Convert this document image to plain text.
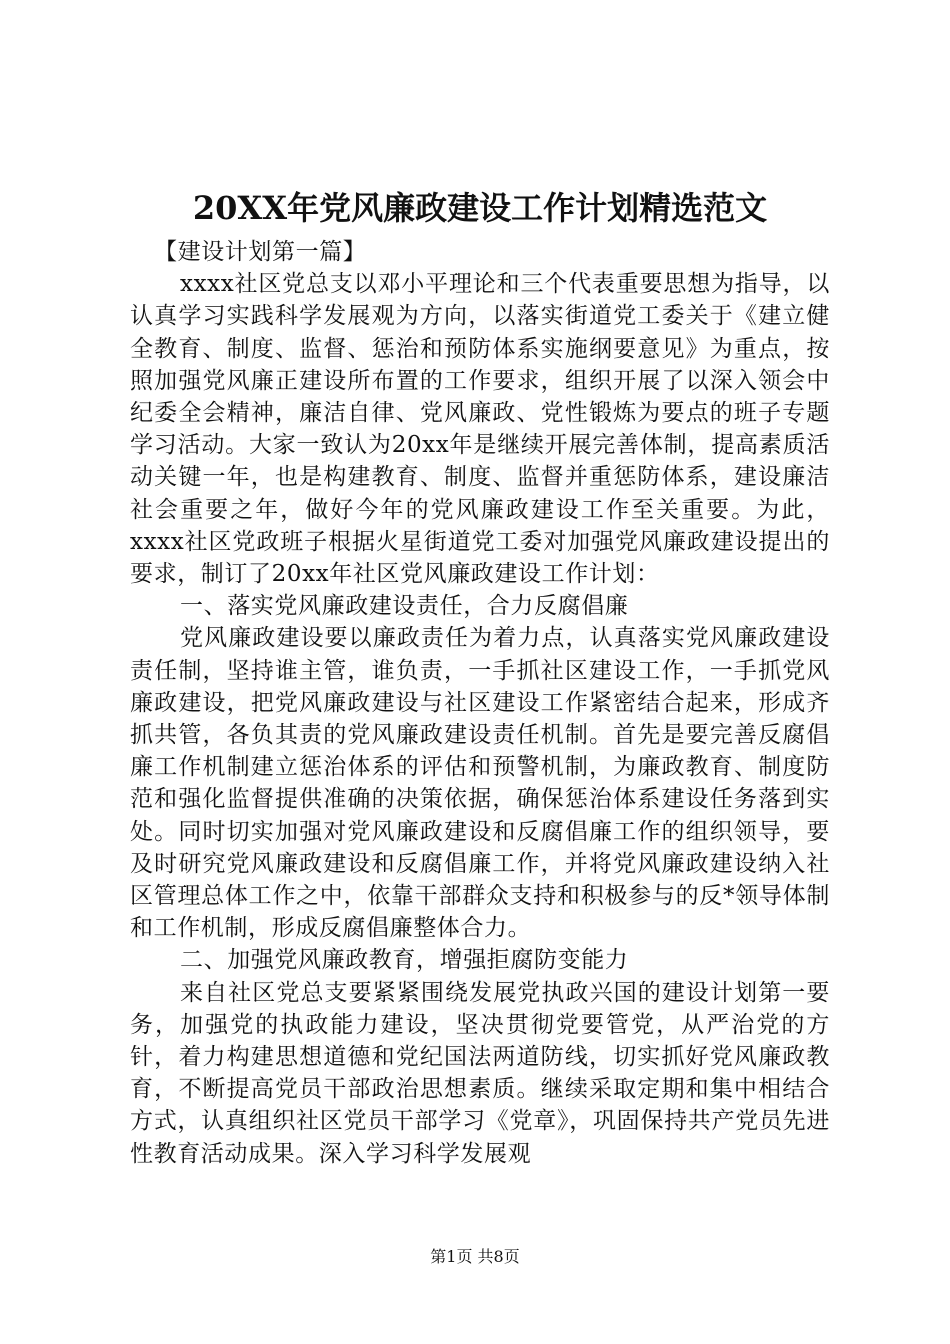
20XX年党风廉政建设工作计划精选范文

【建设计划第一篇】

xxxx社区党总支以邓小平理论和三个代表重要思想为指导，以认真学习实践科学发展观为方向，以落实街道党工委关于《建立健全教育、制度、监督、惩治和预防体系实施纲要意见》为重点，按照加强党风廉正建设所布置的工作要求，组织开展了以深入领会中纪委全会精神，廉洁自律、党风廉政、党性锻炼为要点的班子专题学习活动。大家一致认为20xx年是继续开展完善体制，提高素质活动关键一年，也是构建教育、制度、监督并重惩防体系，建设廉洁社会重要之年，做好今年的党风廉政建设工作至关重要。为此，xxxx社区党政班子根据火星街道党工委对加强党风廉政建设提出的要求，制订了20xx年社区党风廉政建设工作计划：

一、落实党风廉政建设责任，合力反腐倡廉

党风廉政建设要以廉政责任为着力点，认真落实党风廉政建设责任制，坚持谁主管，谁负责，一手抓社区建设工作，一手抓党风廉政建设，把党风廉政建设与社区建设工作紧密结合起来，形成齐抓共管，各负其责的党风廉政建设责任机制。首先是要完善反腐倡廉工作机制建立惩治体系的评估和预警机制，为廉政教育、制度防范和强化监督提供准确的决策依据，确保惩治体系建设任务落到实处。同时切实加强对党风廉政建设和反腐倡廉工作的组织领导，要及时研究党风廉政建设和反腐倡廉工作，并将党风廉政建设纳入社区管理总体工作之中，依靠干部群众支持和积极参与的反*领导体制和工作机制，形成反腐倡廉整体合力。

二、加强党风廉政教育，增强拒腐防变能力

来自社区党总支要紧紧围绕发展党执政兴国的建设计划第一要务，加强党的执政能力建设，坚决贯彻党要管党，从严治党的方针，着力构建思想道德和党纪国法两道防线，切实抓好党风廉政教育，不断提高党员干部政治思想素质。继续采取定期和集中相结合方式，认真组织社区党员干部学习《党章》，巩固保持共产党员先进性教育活动成果。深入学习科学发展观

第1页 共8页
